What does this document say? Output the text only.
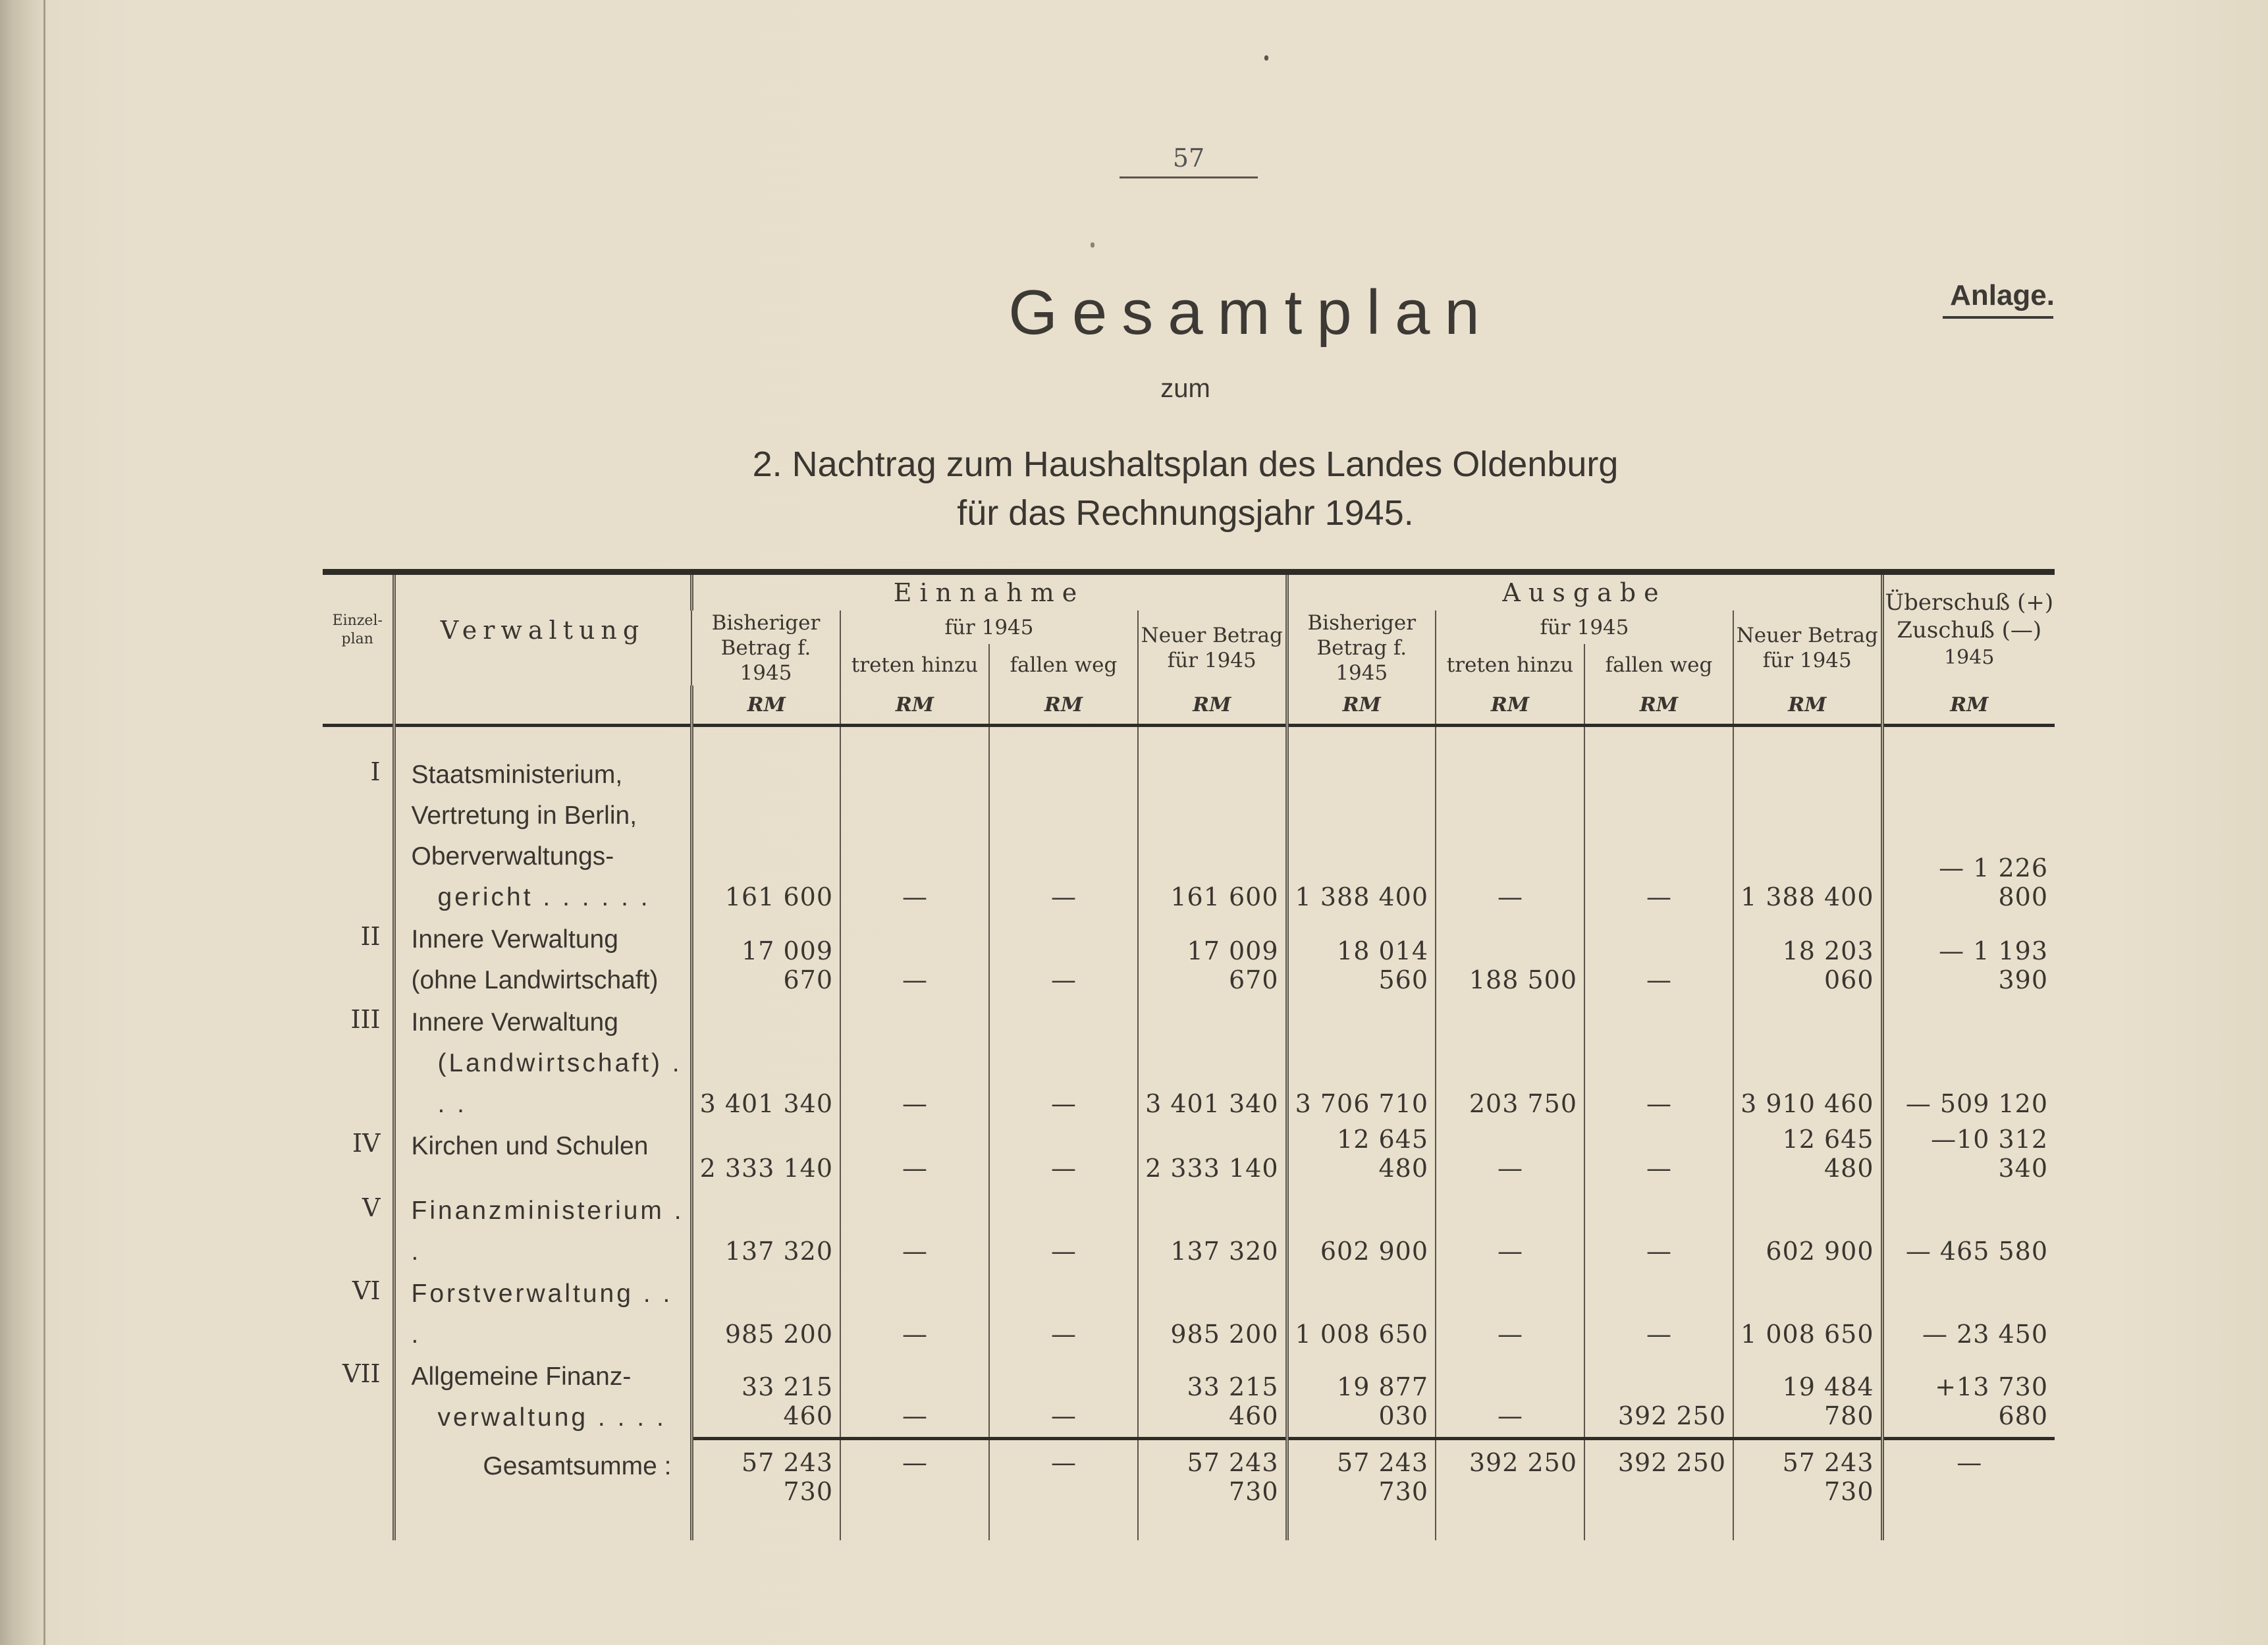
57
Gesamtplan	Anlage.
zum
2. Nachtrag zum Haushaltsplan des Landes Oldenburg
für das Rechnungsjahr 1945.
Einzel-plan	Verwaltung	Einnahme				Ausgabe				Überschuß (+)
Zuschuß (—)
1945

		Bisheriger Betrag f. 1945	für 1945		Neuer Betrag für 1945	Bisheriger Betrag f. 1945	für 1945		Neuer Betrag für 1945	
			treten hinzu	fallen weg			treten hinzu	fallen weg		
		RM	RM	RM	RM	RM	RM	RM	RM	RM

I	Staatsministerium,
Vertretung in Berlin,
Oberverwaltungs-
gericht . . . . . .	161 600	—	—	161 600	1 388 400	—	—	1 388 400	— 1 226 800
II	Innere Verwaltung
(ohne Landwirtschaft)	17 009 670	—	—	17 009 670	18 014 560	188 500	—	18 203 060	— 1 193 390
III	Innere Verwaltung
(Landwirtschaft) . . .	3 401 340	—	—	3 401 340	3 706 710	203 750	—	3 910 460	— 509 120
IV	Kirchen und Schulen	2 333 140	—	—	2 333 140	12 645 480	—	—	12 645 480	—10 312 340
V	Finanzministerium . .	137 320	—	—	137 320	602 900	—	—	602 900	— 465 580
VI	Forstverwaltung . . .	985 200	—	—	985 200	1 008 650	—	—	1 008 650	— 23 450
VII	Allgemeine Finanz-
verwaltung . . . .	33 215 460	—	—	33 215 460	19 877 030	—	392 250	19 484 780	+13 730 680
	Gesamtsumme :	57 243 730	—	—	57 243 730	57 243 730	392 250	392 250	57 243 730	—
